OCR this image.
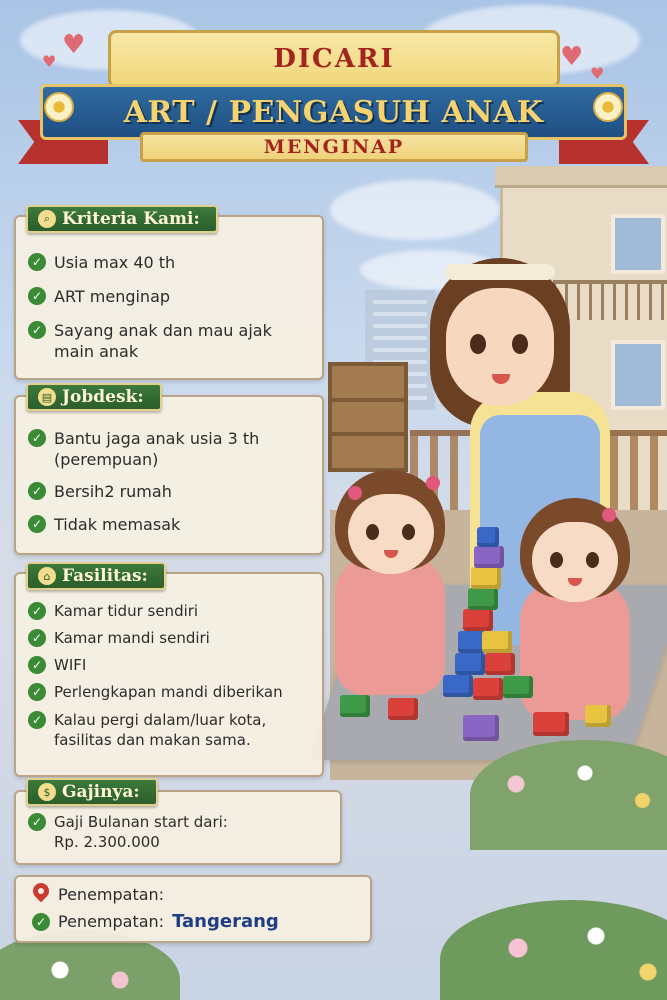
♥
♥	♥
♥
DICARI
ART / PENGASUH ANAK
MENGINAP
⌕ Kriteria Kami:
✓ Usia max 40 th
✓ ART menginap
✓ Sayang anak dan mau ajak
main anak
▤ Jobdesk:
✓ Bantu jaga anak usia 3 th
(perempuan)
✓ Bersih2 rumah
✓ Tidak memasak
⌂ Fasilitas:
✓ Kamar tidur sendiri
✓ Kamar mandi sendiri
✓ WIFI
✓ Perlengkapan mandi diberikan
✓ Kalau pergi dalam/luar kota,
fasilitas dan makan sama.
$ Gajinya:
✓ Gaji Bulanan start dari:
Rp. 2.300.000
Penempatan:
✓ Penempatan: Tangerang
